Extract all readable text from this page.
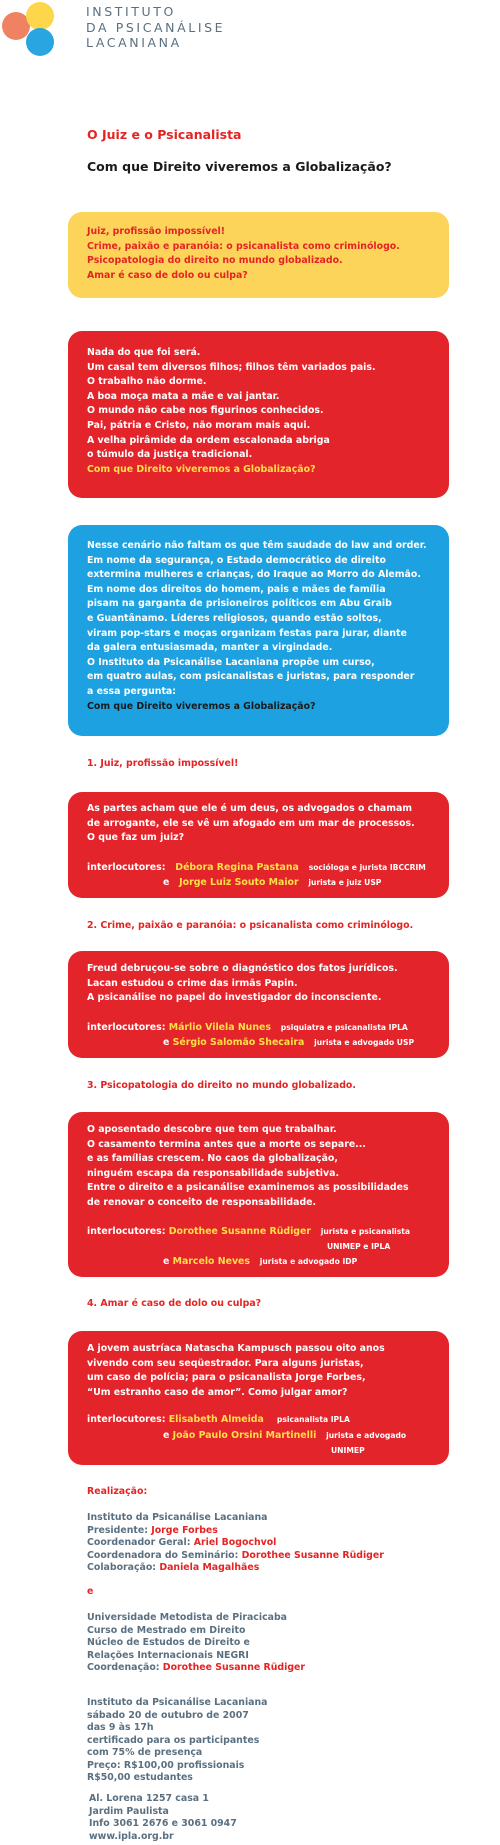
INSTITUTO
DA PSICANÁLISE
LACANIANA
O Juiz e o Psicanalista
Com que Direito viveremos a Globalização?
Juiz, profissão impossível!
Crime, paixão e paranóia: o psicanalista como criminólogo.
Psicopatologia do direito no mundo globalizado.
Amar é caso de dolo ou culpa?
Nada do que foi será.
Um casal tem diversos filhos; filhos têm variados pais.
O trabalho não dorme.
A boa moça mata a mãe e vai jantar.
O mundo não cabe nos figurinos conhecidos.
Pai, pátria e Cristo, não moram mais aqui.
A velha pirâmide da ordem escalonada abriga
o túmulo da justiça tradicional.
Com que Direito viveremos a Globalização?
Nesse cenário não faltam os que têm saudade do law and order.
Em nome da segurança, o Estado democrático de direito
extermina mulheres e crianças, do Iraque ao Morro do Alemão.
Em nome dos direitos do homem, pais e mães de família
pisam na garganta de prisioneiros políticos em Abu Graib
e Guantânamo. Líderes religiosos, quando estão soltos,
viram pop-stars e moças organizam festas para jurar, diante
da galera entusiasmada, manter a virgindade.
O Instituto da Psicanálise Lacaniana propõe um curso,
em quatro aulas, com psicanalistas e juristas, para responder
a essa pergunta:
Com que Direito viveremos a Globalização?
1. Juiz, profissão impossível!
As partes acham que ele é um deus, os advogados o chamam
de arrogante, ele se vê um afogado em um mar de processos.
O que faz um juiz?
interlocutores: Débora Regina Pastana socióloga e jurista IBCCRIM
e Jorge Luiz Souto Maior jurista e juiz USP
2. Crime, paixão e paranóia: o psicanalista como criminólogo.
Freud debruçou-se sobre o diagnóstico dos fatos jurídicos.
Lacan estudou o crime das irmãs Papin.
A psicanálise no papel do investigador do inconsciente.
interlocutores: Márlio Vilela Nunes psiquiatra e psicanalista IPLA
e Sérgio Salomão Shecaira jurista e advogado USP
3. Psicopatologia do direito no mundo globalizado.
O aposentado descobre que tem que trabalhar.
O casamento termina antes que a morte os separe...
e as famílias crescem. No caos da globalização,
ninguém escapa da responsabilidade subjetiva.
Entre o direito e a psicanálise examinemos as possibilidades
de renovar o conceito de responsabilidade.
interlocutores: Dorothee Susanne Rüdiger jurista e psicanalista
UNIMEP e IPLA
e Marcelo Neves jurista e advogado IDP
4. Amar é caso de dolo ou culpa?
A jovem austríaca Natascha Kampusch passou oito anos
vivendo com seu seqüestrador. Para alguns juristas,
um caso de polícia; para o psicanalista Jorge Forbes,
“Um estranho caso de amor”. Como julgar amor?
interlocutores: Elisabeth Almeida psicanalista IPLA
e João Paulo Orsini Martinelli jurista e advogado
UNIMEP
Realização:
Instituto da Psicanálise Lacaniana
Presidente: Jorge Forbes
Coordenador Geral: Ariel Bogochvol
Coordenadora do Seminário: Dorothee Susanne Rüdiger
Colaboração: Daniela Magalhães
e
Universidade Metodista de Piracicaba
Curso de Mestrado em Direito
Núcleo de Estudos de Direito e
Relações Internacionais NEGRI
Coordenação: Dorothee Susanne Rüdiger
Instituto da Psicanálise Lacaniana
sábado 20 de outubro de 2007
das 9 às 17h
certificado para os participantes
com 75% de presença
Preço: R$100,00 profissionais
R$50,00 estudantes
Al. Lorena 1257 casa 1
Jardim Paulista
Info 3061 2676 e 3061 0947
www.ipla.org.br
